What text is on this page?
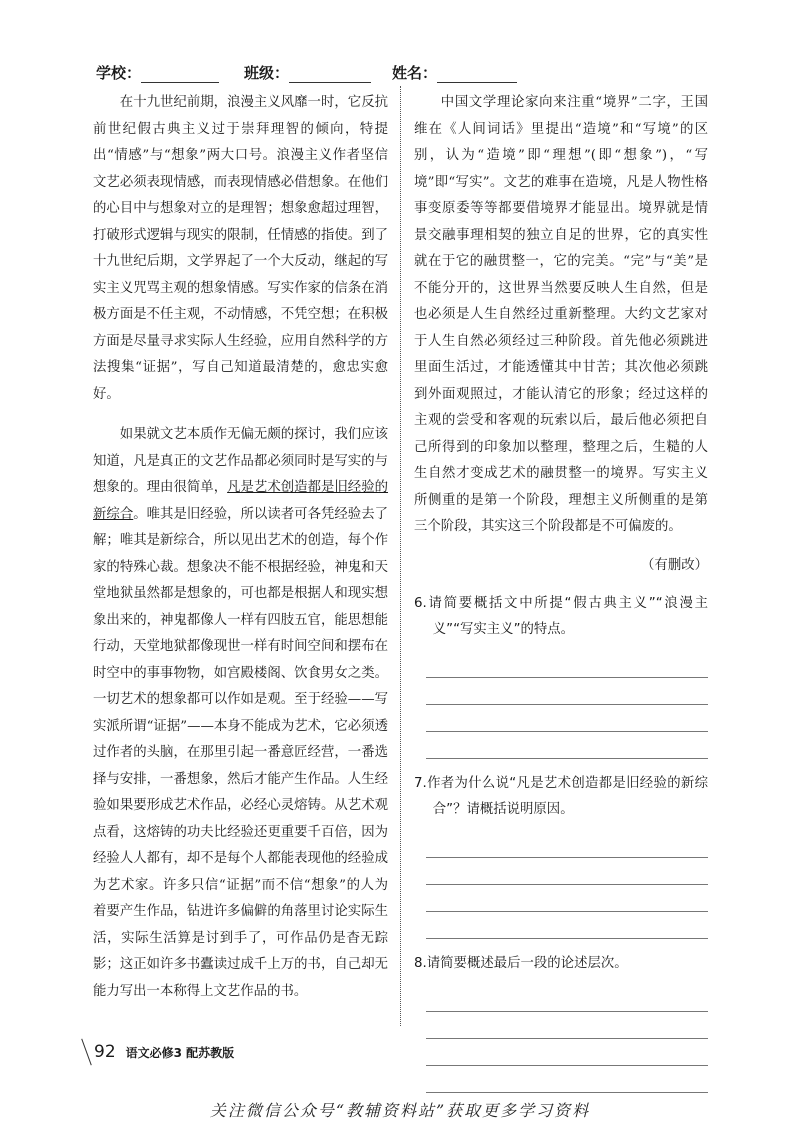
学校：	班级：	姓名：

在十九世纪前期，浪漫主义风靡一时，它反抗前世纪假古典主义过于崇拜理智的倾向，特提出“情感”与“想象”两大口号。浪漫主义作者坚信文艺必须表现情感，而表现情感必借想象。在他们的心目中与想象对立的是理智；想象愈超过理智，打破形式逻辑与现实的限制，任情感的指使。到了十九世纪后期，文学界起了一个大反动，继起的写实主义咒骂主观的想象情感。写实作家的信条在消极方面是不任主观，不动情感，不凭空想；在积极方面是尽量寻求实际人生经验，应用自然科学的方法搜集“证据”，写自己知道最清楚的，愈忠实愈好。

如果就文艺本质作无偏无颇的探讨，我们应该知道，凡是真正的文艺作品都必须同时是写实的与想象的。理由很简单，凡是艺术创造都是旧经验的新综合。唯其是旧经验，所以读者可各凭经验去了解；唯其是新综合，所以见出艺术的创造，每个作家的特殊心裁。想象决不能不根据经验，神鬼和天堂地狱虽然都是想象的，可也都是根据人和现实想象出来的，神鬼都像人一样有四肢五官，能思想能行动，天堂地狱都像现世一样有时间空间和摆布在时空中的事事物物，如宫殿楼阁、饮食男女之类。一切艺术的想象都可以作如是观。至于经验——写实派所谓“证据”——本身不能成为艺术，它必须透过作者的头脑，在那里引起一番意匠经营，一番选择与安排，一番想象，然后才能产生作品。人生经验如果要形成艺术作品，必经心灵熔铸。从艺术观点看，这熔铸的功夫比经验还更重要千百倍，因为经验人人都有，却不是每个人都能表现他的经验成为艺术家。许多只信“证据”而不信“想象”的人为着要产生作品，钻进许多偏僻的角落里讨论实际生活，实际生活算是讨到手了，可作品仍是杳无踪影；这正如许多书蠹读过成千上万的书，自己却无能力写出一本称得上文艺作品的书。

中国文学理论家向来注重“境界”二字，王国维在《人间词话》里提出“造境”和“写境”的区别，认为“造境”即“理想”(即“想象”)，“写境”即“写实”。文艺的难事在造境，凡是人物性格事变原委等等都要借境界才能显出。境界就是情景交融事理相契的独立自足的世界，它的真实性就在于它的融贯整一，它的完美。“完”与“美”是不能分开的，这世界当然要反映人生自然，但是也必须是人生自然经过重新整理。大约文艺家对于人生自然必须经过三种阶段。首先他必须跳进里面生活过，才能透懂其中甘苦；其次他必须跳到外面观照过，才能认清它的形象；经过这样的主观的尝受和客观的玩索以后，最后他必须把自己所得到的印象加以整理，整理之后，生糙的人生自然才变成艺术的融贯整一的境界。写实主义所侧重的是第一个阶段，理想主义所侧重的是第三个阶段，其实这三个阶段都是不可偏废的。

（有删改）
6.请简要概括文中所提“假古典主义”“浪漫主义”“写实主义”的特点。
7.作者为什么说“凡是艺术创造都是旧经验的新综合”？请概括说明原因。
8.请简要概述最后一段的论述层次。
92 语文必修3 配苏教版
关注微信公众号“教辅资料站”获取更多学习资料
